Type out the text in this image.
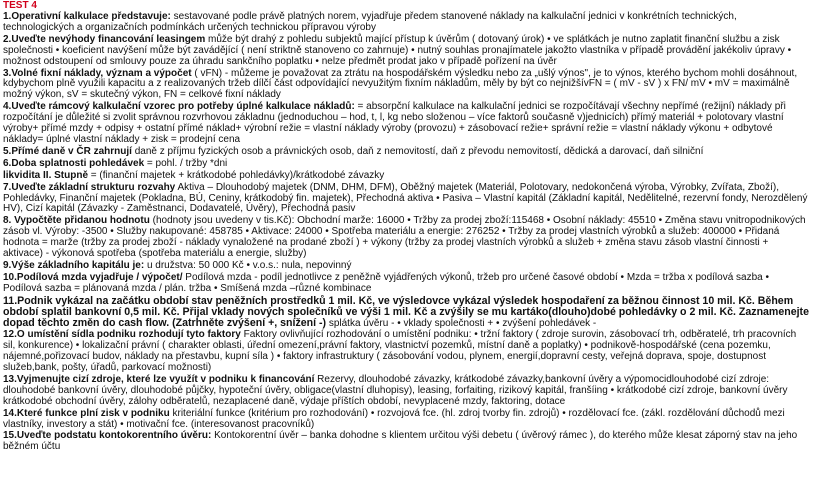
TEST 4
1.Operativní kalkulace představuje: sestavované podle právě platných norem, vyjadřuje předem stanovené náklady na kalkulační jednici v konkrétních technických, technologických a organizačních podmínkách určených technickou přípravou výroby
2.Uveďte nevýhody financování leasingem může být drahý z pohledu subjektů mající přístup k úvěrům ( dotovaný úrok) • ve splátkách je nutno zaplatit finanční službu a zisk společnosti • koeficient navýšení může být zavádějící ( není striktně stanoveno co zahrnuje) • nutný souhlas pronajímatele jakožto vlastníka v případě provádění jakékoliv úpravy • možnost odstoupení od smlouvy pouze za úhradu sankčního poplatku • nelze předmět prodat jako v případě pořízení na úvěr
3.Volné fixní náklady, význam a výpočet ( vFN) - můžeme je považovat za ztrátu na hospodářském výsledku nebo za „ušlý výnos", je to výnos, kterého bychom mohli dosáhnout, kdybychom plně využili kapacitu a z realizovaných tržeb dílčí část odpovídající nevyužitým fixním nákladům, měly by být co nejnižšívFN = ( mV - sV ) x FN/ mV • mV = maximálně možný výkon, sV = skutečný výkon, FN = celkové fixní náklady
4.Uveďte rámcový kalkulační vzorec pro potřeby úplné kalkulace nákladů: = absorpční kalkulace na kalkulační jednici se rozpočítávají všechny nepřímé (režijní) náklady při rozpočítání je důležité si zvolit správnou rozvrhovou základnu (jednoduchou – hod, t, l, kg nebo složenou – více faktorů současně v)jednicích) přímý materiál + polotovary vlastní výroby+ přímé mzdy + odpisy + ostatní přímé náklad+ výrobní režie = vlastní náklady výroby (provozu) + zásobovací režie+ správní režie = vlastní náklady výkonu + odbytové náklady= úplné vlastní náklady + zisk = prodejní cena
5.Přímé daně v ČR zahrnují daně z příjmu fyzických osob a právnických osob, daň z nemovitostí, daň z převodu nemovitostí, dědická a darovací, daň silniční
6.Doba splatnosti pohledávek = pohl. / tržby *dni
likvidita II. Stupně = (finanční majetek + krátkodobé pohledávky)/krátkodobé závazky
7.Uveďte základní strukturu rozvahy Aktiva – Dlouhodobý majetek (DNM, DHM, DFM), Oběžný majetek (Materiál, Polotovary, nedokončená výroba, Výrobky, Zvířata, Zboží), Pohledávky, Finanční majetek (Pokladna, BÚ, Ceniny, krátkodobý fin. majetek), Přechodná aktiva • Pasiva – Vlastní kapitál (Základní kapitál, Nedělitelné, rezervní fondy, Nerozdělený HV), Cizí kapitál (Závazky - Zaměstnanci, Dodavatelé, Úvěry), Přechodná pasiv
8. Vypočtěte přidanou hodnotu (hodnoty jsou uvedeny v tis.Kč): Obchodní marže: 16000 • Tržby za prodej zboží:115468 • Osobní náklady: 45510 • Změna stavu vnitropodnikových zásob vl. Výroby: -3500 • Služby nakupované: 458785 • Aktivace: 24000 • Spotřeba materiálu a energie: 276252 • Tržby za prodej vlastních výrobků a služeb: 400000 • Přidaná hodnota = marže (tržby za prodej zboží - náklady vynaložené na prodané zboží ) + výkony (tržby za prodej vlastních výrobků a služeb + změna stavu zásob vlastní činnosti + aktivace) - výkonová spotřeba (spotřeba materiálu a energie, služby)
9.Výše základního kapitálu je: u družstva: 50 000 Kč • v.o.s.: nula, nepovinný
10.Podílová mzda vyjadřuje / výpočet/ Podílová mzda - podíl jednotlivce z peněžně vyjádřených výkonů, tržeb pro určené časové období • Mzda = tržba x podílová sazba • Podílová sazba = plánovaná mzda / plán. tržba • Smíšená mzda –různé kombinace
11.Podnik vykázal na začátku období stav peněžních prostředků 1 mil. Kč, ve výsledovce vykázal výsledek hospodaření za běžnou činnost 10 mil. Kč. Během období splatil bankovní 0,5 mil. Kč. Přijal vklady nových společníků ve výši 1 mil. Kč a zvýšily se mu kartáko(dlouho)dobé pohledávky o 2 mil. Kč. Zaznamenejte dopad těchto změn do cash flow. (Zatrhněte zvýšení +, snížení -) splátka úvěru - • vklady společnosti + • zvýšení pohledávek -
12.O umístění sídla podniku rozhodují tyto faktory Faktory ovlivňující rozhodování o umístění podniku: • tržní faktory ( zdroje surovin, zásobovací trh, odběratelé, trh pracovních sil, konkurence) • lokalizační právní ( charakter oblasti, úřední omezení,právní faktory, vlastnictví pozemků, místní daně a poplatky) • podnikově-hospodářské (cena pozemku, nájemné,pořizovací budov, náklady na přestavbu, kupní síla ) • faktory infrastruktury ( zásobování vodou, plynem, energií,dopravní cesty, veřejná doprava, spoje, dostupnost služeb,bank, pošty, úřadů, parkovací možnosti)
13.Vyjmenujte cizí zdroje, které lze využít v podniku k financování Rezervy, dlouhodobé závazky, krátkodobé závazky,bankovní úvěry a výpomocidlouhodobé cizí zdroje: dlouhodobé bankovní úvěry, dlouhodobé půjčky, hypoteční úvěry, obligace(vlastní dluhopisy), leasing, forfaiting, rizikový kapitál, franšíing • krátkodobé cizí zdroje, bankovní úvěry krátkodobé obchodní úvěry, zálohy odběratelů, nezaplacené daně, výdaje příštích období, nevyplacené mzdy, faktoring, dotace
14.Které funkce plní zisk v podniku kriteriální funkce (kritérium pro rozhodování) • rozvojová fce. (hl. zdroj tvorby fin. zdrojů) • rozdělovací fce. (zákl. rozdělování důchodů mezi vlastníky, investory a stát) • motivační fce. (interesovanost pracovníků)
15.Uveďte podstatu kontokorentního úvěru: Kontokorentní úvěr – banka dohodne s klientem určitou výši debetu ( úvěrový rámec ), do kterého může klesat záporný stav na jeho běžném účtu
